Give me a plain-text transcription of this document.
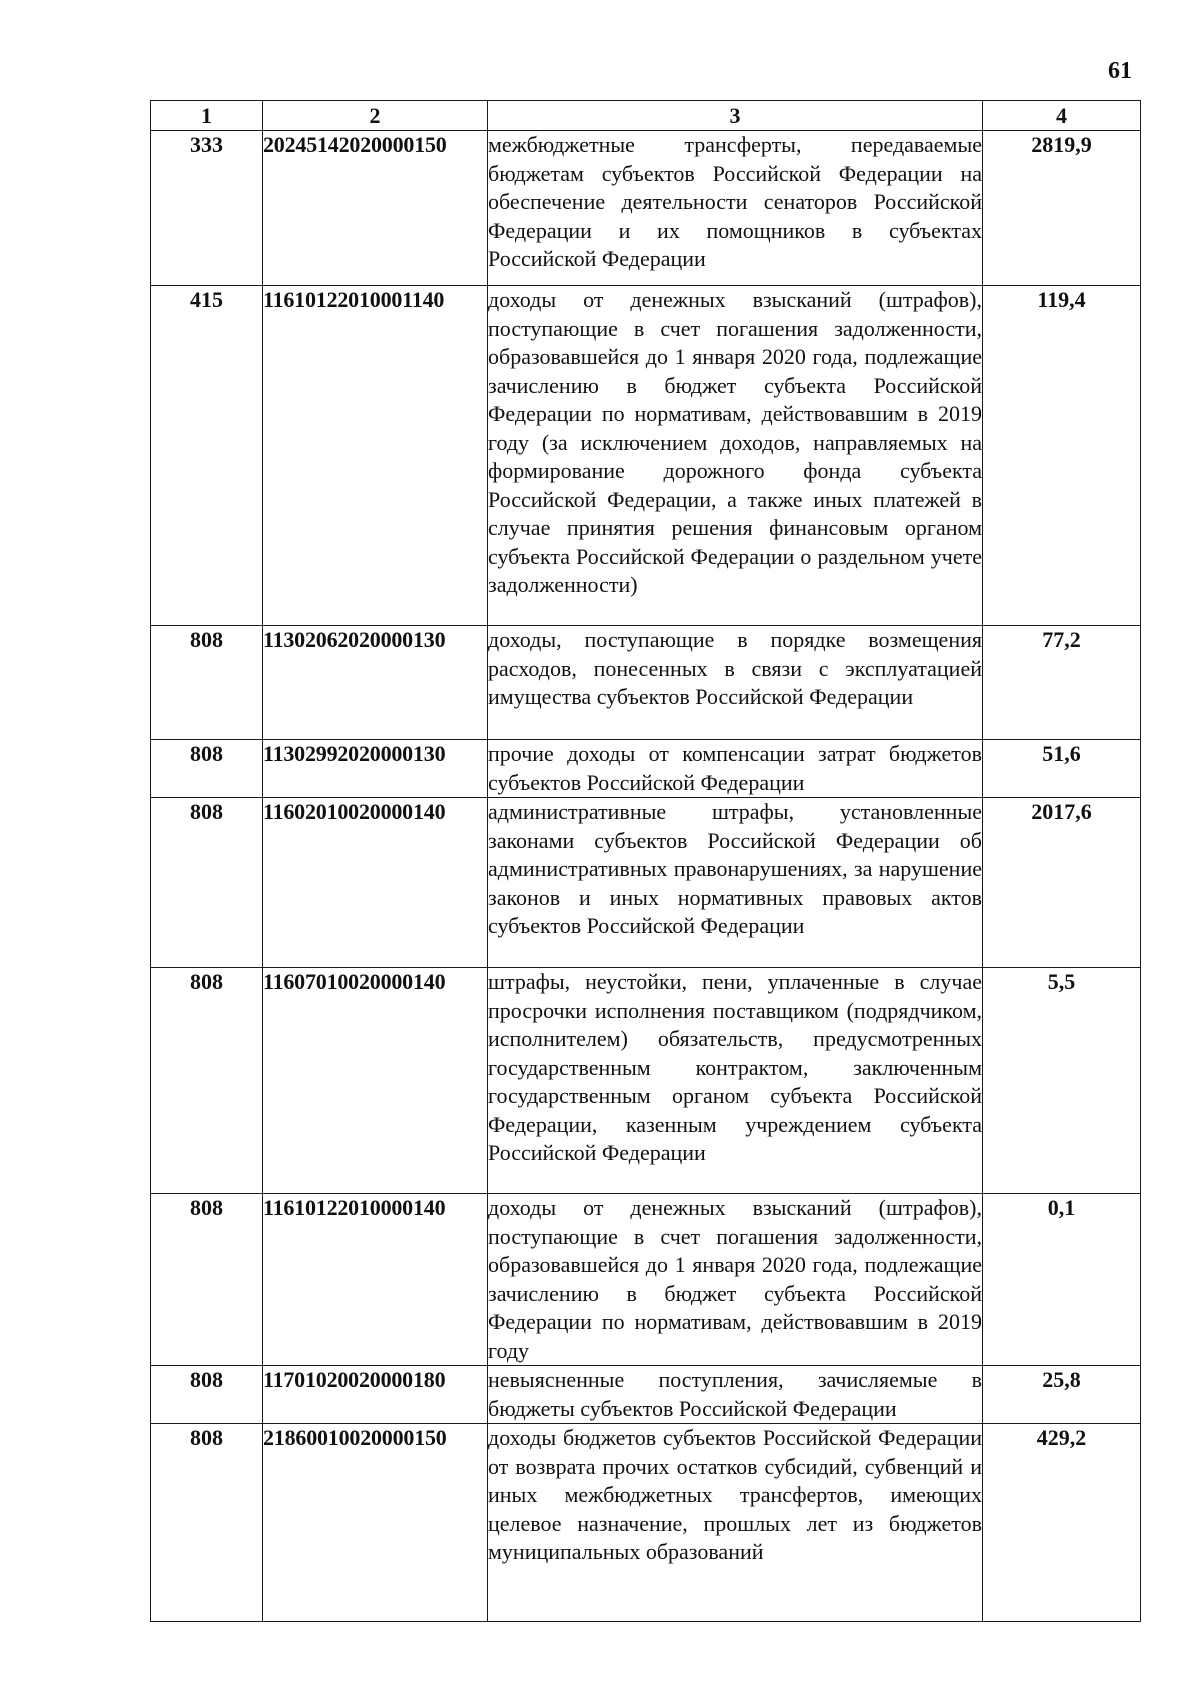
61
1	2	3	4
333	20245142020000150	межбюджетные трансферты, передаваемые бюджетам субъектов Российской Федерации на обеспечение деятельности сенаторов Российской Федерации и их помощников в субъектах Российской Федерации	2819,9
415	11610122010001140	доходы от денежных взысканий (штрафов), поступающие в счет погашения задолженности, образовавшейся до 1 января 2020 года, подлежащие зачислению в бюджет субъекта Российской Федерации по нормативам, действовавшим в 2019 году (за исключением доходов, направляемых на формирование дорожного фонда субъекта Российской Федерации, а также иных платежей в случае принятия решения финансовым органом субъекта Российской Федерации о раздельном учете задолженности)	119,4
808	11302062020000130	доходы, поступающие в порядке возмещения расходов, понесенных в связи с эксплуатацией имущества субъектов Российской Федерации	77,2
808	11302992020000130	прочие доходы от компенсации затрат бюджетов субъектов Российской Федерации	51,6
808	11602010020000140	административные штрафы, установленные законами субъектов Российской Федерации об административных правонарушениях, за нарушение законов и иных нормативных правовых актов субъектов Российской Федерации	2017,6
808	11607010020000140	штрафы, неустойки, пени, уплаченные в случае просрочки исполнения поставщиком (подрядчиком, исполнителем) обязательств, предусмотренных государственным контрактом, заключенным государственным органом субъекта Российской Федерации, казенным учреждением субъекта Российской Федерации	5,5
808	11610122010000140	доходы от денежных взысканий (штрафов), поступающие в счет погашения задолженности, образовавшейся до 1 января 2020 года, подлежащие зачислению в бюджет субъекта Российской Федерации по нормативам, действовавшим в 2019 году	0,1
808	11701020020000180	невыясненные поступления, зачисляемые в бюджеты субъектов Российской Федерации	25,8
808	21860010020000150	доходы бюджетов субъектов Российской Федерации от возврата прочих остатков субсидий, субвенций и иных межбюджетных трансфертов, имеющих целевое назначение, прошлых лет из бюджетов муниципальных образований	429,2
